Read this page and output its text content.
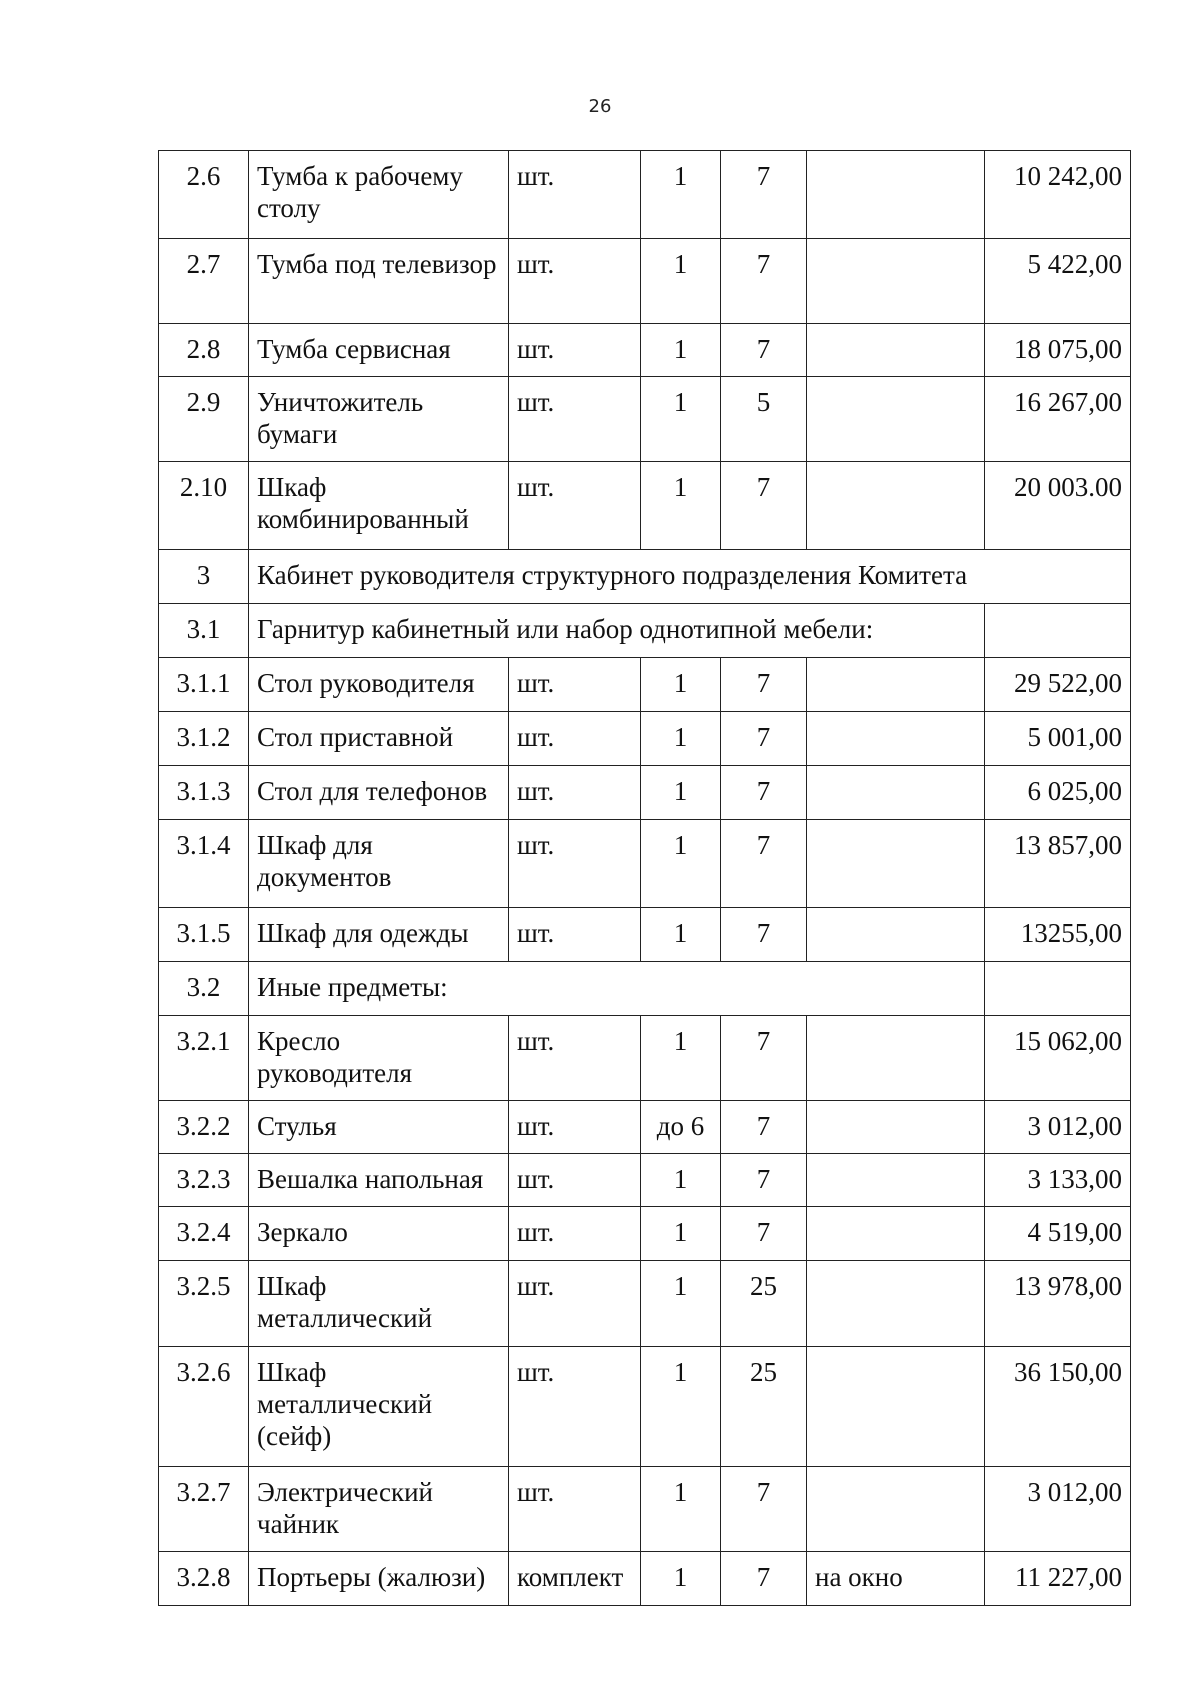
26
2.6	Тумба к рабочему столу	шт.	1	7		10 242,00
2.7	Тумба под телевизор	шт.	1	7		5 422,00
2.8	Тумба сервисная	шт.	1	7		18 075,00
2.9	Уничтожитель бумаги	шт.	1	5		16 267,00
2.10	Шкаф комбинированный	шт.	1	7		20 003.00
3	Кабинет руководителя структурного подразделения Комитета					
3.1	Гарнитур кабинетный или набор однотипной мебели:					
3.1.1	Стол руководителя	шт.	1	7		29 522,00
3.1.2	Стол приставной	шт.	1	7		5 001,00
3.1.3	Стол для телефонов	шт.	1	7		6 025,00
3.1.4	Шкаф для документов	шт.	1	7		13 857,00
3.1.5	Шкаф для одежды	шт.	1	7		13255,00
3.2	Иные предметы:					
3.2.1	Кресло руководителя	шт.	1	7		15 062,00
3.2.2	Стулья	шт.	до 6	7		3 012,00
3.2.3	Вешалка напольная	шт.	1	7		3 133,00
3.2.4	Зеркало	шт.	1	7		4 519,00
3.2.5	Шкаф металлический	шт.	1	25		13 978,00
3.2.6	Шкаф металлический (сейф)	шт.	1	25		36 150,00
3.2.7	Электрический чайник	шт.	1	7		3 012,00
3.2.8	Портьеры (жалюзи)	комплект	1	7	на окно	11 227,00
